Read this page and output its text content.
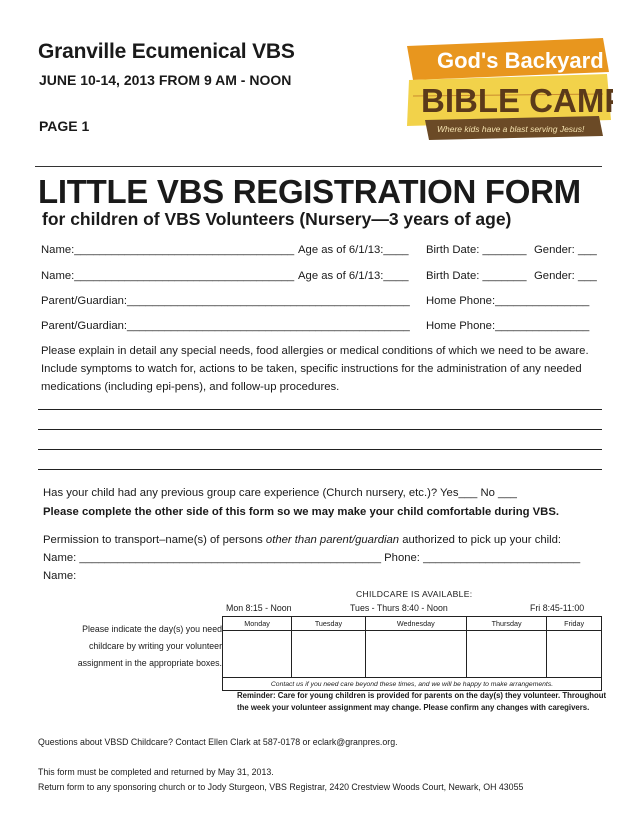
Granville Ecumenical VBS
JUNE 10-14, 2013 FROM 9 AM - NOON
PAGE 1
God's Backyard
BIBLE CAMP
Where kids have a blast serving Jesus!
LITTLE VBS REGISTRATION FORM
for children of VBS Volunteers (Nursery—3 years of age)
Name:___________________________________ Age as of 6/1/13:____ Birth Date: _______ Gender: ___
Name:___________________________________ Age as of 6/1/13:____ Birth Date: _______ Gender: ___
Parent/Guardian:_____________________________________________ Home Phone:_______________
Parent/Guardian:_____________________________________________ Home Phone:_______________
Please explain in detail any special needs, food allergies or medical conditions of which we need to be aware. Include symptoms to watch for, actions to be taken, specific instructions for the administration of any needed medications (including epi-pens), and follow-up procedures.
Has your child had any previous group care experience (Church nursery, etc.)? Yes___ No ___
Please complete the other side of this form so we may make your child comfortable during VBS.
Permission to transport–name(s) of persons other than parent/guardian authorized to pick up your child:
Name: ________________________________________________ Phone: _________________________
Name:
CHILDCARE IS AVAILABLE:
Mon 8:15 - Noon	Tues - Thurs 8:40 - Noon	Fri 8:45-11:00
Please indicate the day(s) you need childcare by writing your volunteer assignment in the appropriate boxes.
Monday	Tuesday	Wednesday	Thursday	Friday

Contact us if you need care beyond these times, and we will be happy to make arrangements.				
Reminder: Care for young children is provided for parents on the day(s) they volunteer. Throughout the week your volunteer assignment may change. Please confirm any changes with caregivers.
Questions about VBSD Childcare? Contact Ellen Clark at 587-0178 or eclark@granpres.org.
This form must be completed and returned by May 31, 2013.
Return form to any sponsoring church or to Jody Sturgeon, VBS Registrar, 2420 Crestview Woods Court, Newark, OH 43055
